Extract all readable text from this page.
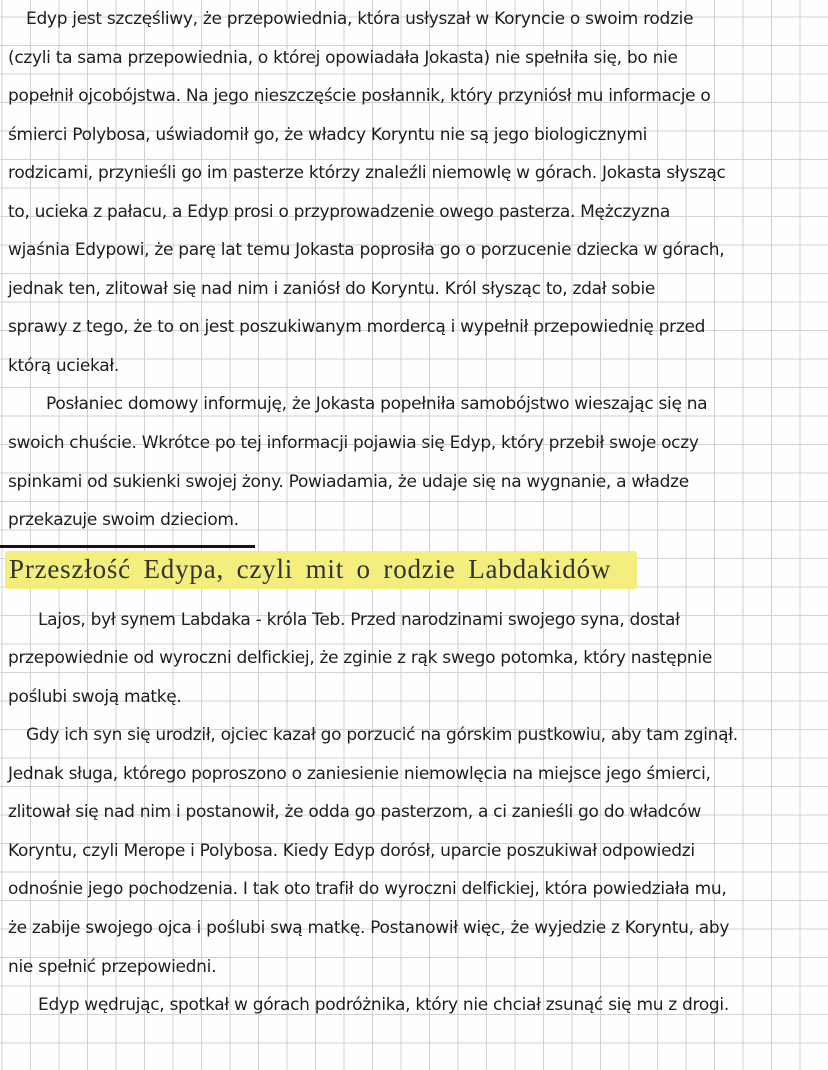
Edyp jest szczęśliwy, że przepowiednia, która usłyszał w Koryncie o swoim rodzie
(czyli ta sama przepowiednia, o której opowiadała Jokasta) nie spełniła się, bo nie
popełnił ojcobójstwa. Na jego nieszczęście posłannik, który przyniósł mu informacje o
śmierci Polybosa, uświadomił go, że władcy Koryntu nie są jego biologicznymi
rodzicami, przynieśli go im pasterze którzy znaleźli niemowlę w górach. Jokasta słysząc
to, ucieka z pałacu, a Edyp prosi o przyprowadzenie owego pasterza. Mężczyzna
wjaśnia Edypowi, że parę lat temu Jokasta poprosiła go o porzucenie dziecka w górach,
jednak ten, zlitował się nad nim i zaniósł do Koryntu. Król słysząc to, zdał sobie
sprawy z tego, że to on jest poszukiwanym mordercą i wypełnił przepowiednię przed
którą uciekał.
Posłaniec domowy informuję, że Jokasta popełniła samobójstwo wieszając się na
swoich chuście. Wkrótce po tej informacji pojawia się Edyp, który przebił swoje oczy
spinkami od sukienki swojej żony. Powiadamia, że udaje się na wygnanie, a władze
przekazuje swoim dzieciom.
Przeszłość Edypa, czyli mit o rodzie Labdakidów
Lajos, był synem Labdaka - króla Teb. Przed narodzinami swojego syna, dostał
przepowiednie od wyroczni delfickiej, że zginie z rąk swego potomka, który następnie
poślubi swoją matkę.
Gdy ich syn się urodził, ojciec kazał go porzucić na górskim pustkowiu, aby tam zginął.
Jednak sługa, którego poproszono o zaniesienie niemowlęcia na miejsce jego śmierci,
zlitował się nad nim i postanowił, że odda go pasterzom, a ci zanieśli go do władców
Koryntu, czyli Merope i Polybosa. Kiedy Edyp dorósł, uparcie poszukiwał odpowiedzi
odnośnie jego pochodzenia. I tak oto trafił do wyroczni delfickiej, która powiedziała mu,
że zabije swojego ojca i poślubi swą matkę. Postanowił więc, że wyjedzie z Koryntu, aby
nie spełnić przepowiedni.
Edyp wędrując, spotkał w górach podróżnika, który nie chciał zsunąć się mu z drogi.
